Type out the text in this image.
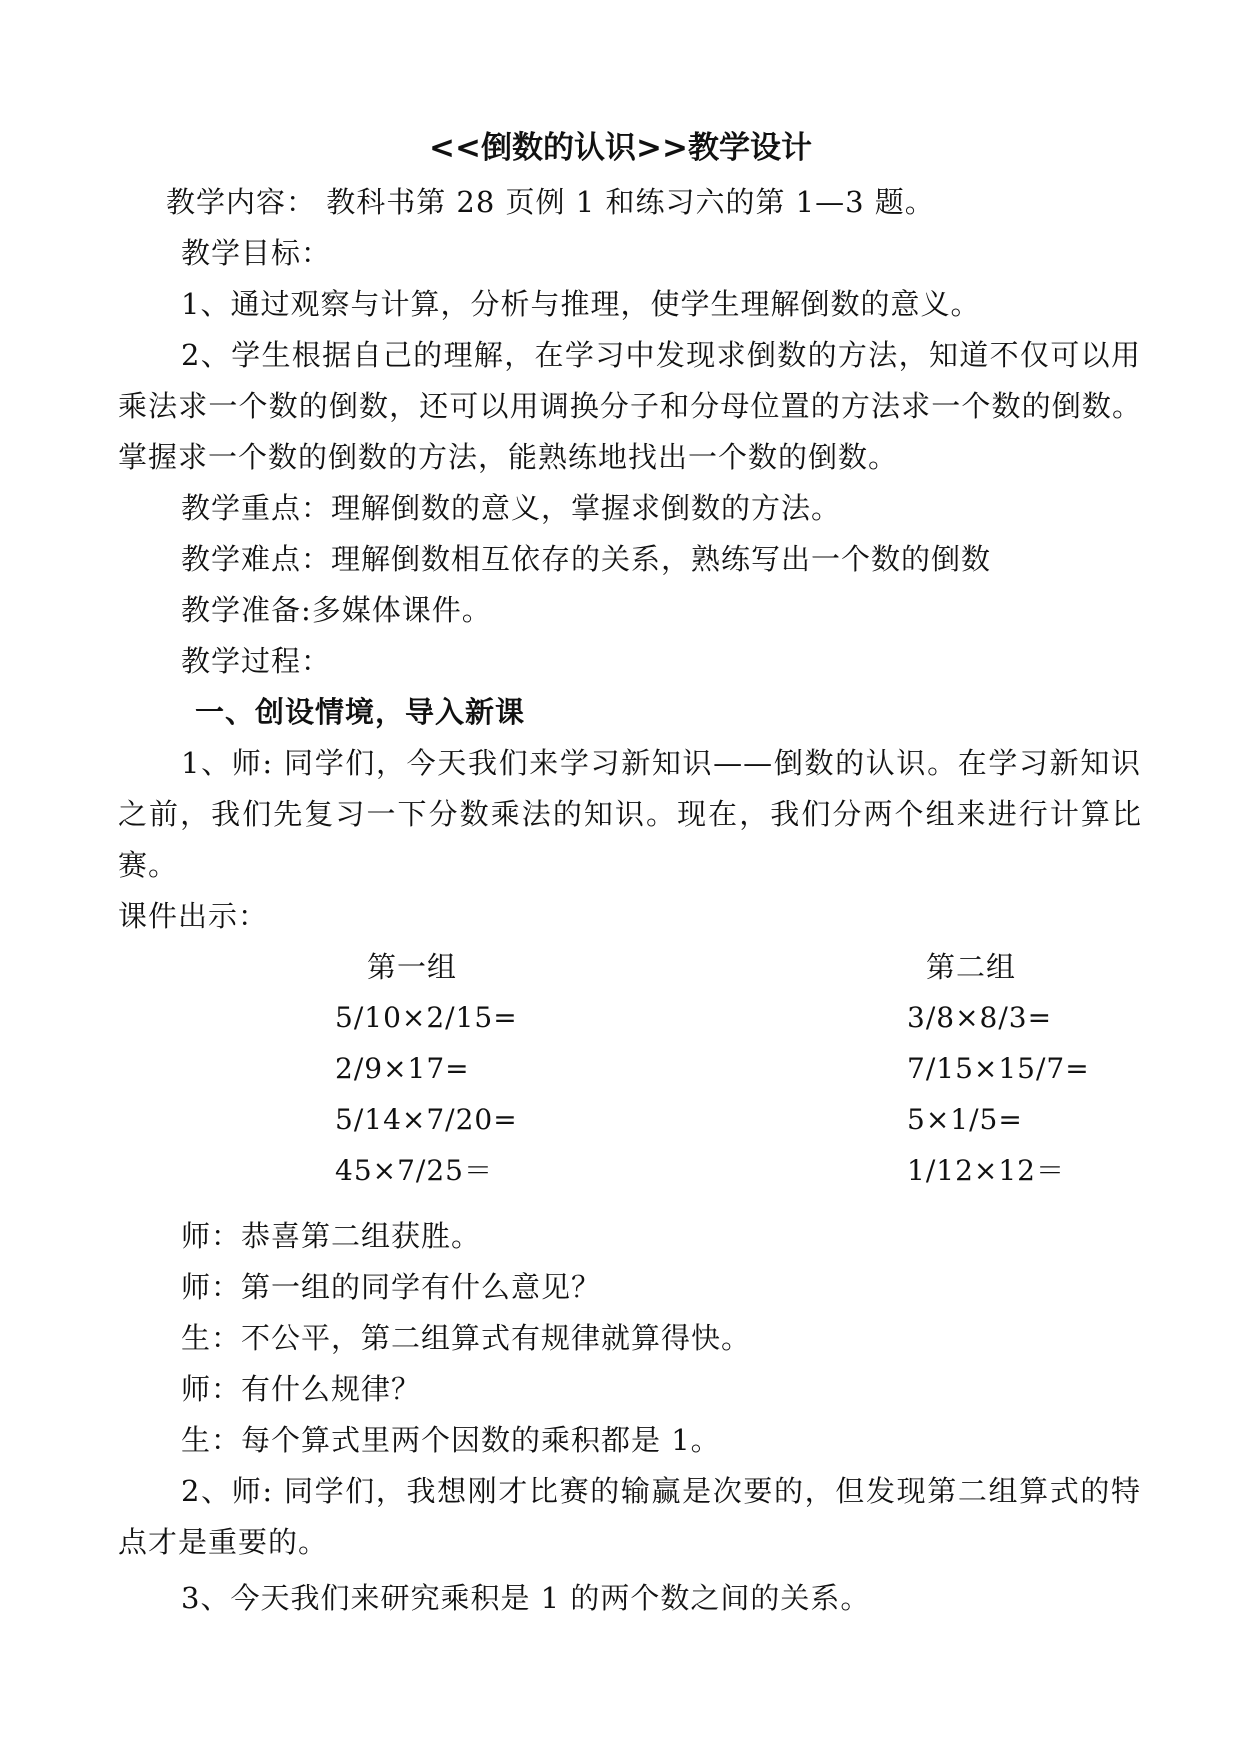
<<倒数的认识>>教学设计
教学内容： 教科书第 28 页例 1 和练习六的第 1—3 题。
教学目标：
1、通过观察与计算，分析与推理，使学生理解倒数的意义。
2、学生根据自己的理解，在学习中发现求倒数的方法，知道不仅可以用
乘法求一个数的倒数，还可以用调换分子和分母位置的方法求一个数的倒数。
掌握求一个数的倒数的方法，能熟练地找出一个数的倒数。
教学重点：理解倒数的意义，掌握求倒数的方法。
教学难点：理解倒数相互依存的关系，熟练写出一个数的倒数
教学准备:多媒体课件。
教学过程：
一、创设情境，导入新课
1、师: 同学们，今天我们来学习新知识——倒数的认识。在学习新知识
之前，我们先复习一下分数乘法的知识。现在，我们分两个组来进行计算比
赛。
课件出示：
第一组	第二组
5/10×2/15=
2/9×17=
5/14×7/20=
45×7/25＝
3/8×8/3=
7/15×15/7=
5×1/5=
1/12×12＝
师：恭喜第二组获胜。
师：第一组的同学有什么意见？
生：不公平，第二组算式有规律就算得快。
师：有什么规律？
生：每个算式里两个因数的乘积都是 1。
2、师: 同学们，我想刚才比赛的输赢是次要的，但发现第二组算式的特
点才是重要的。
3、今天我们来研究乘积是 1 的两个数之间的关系。
